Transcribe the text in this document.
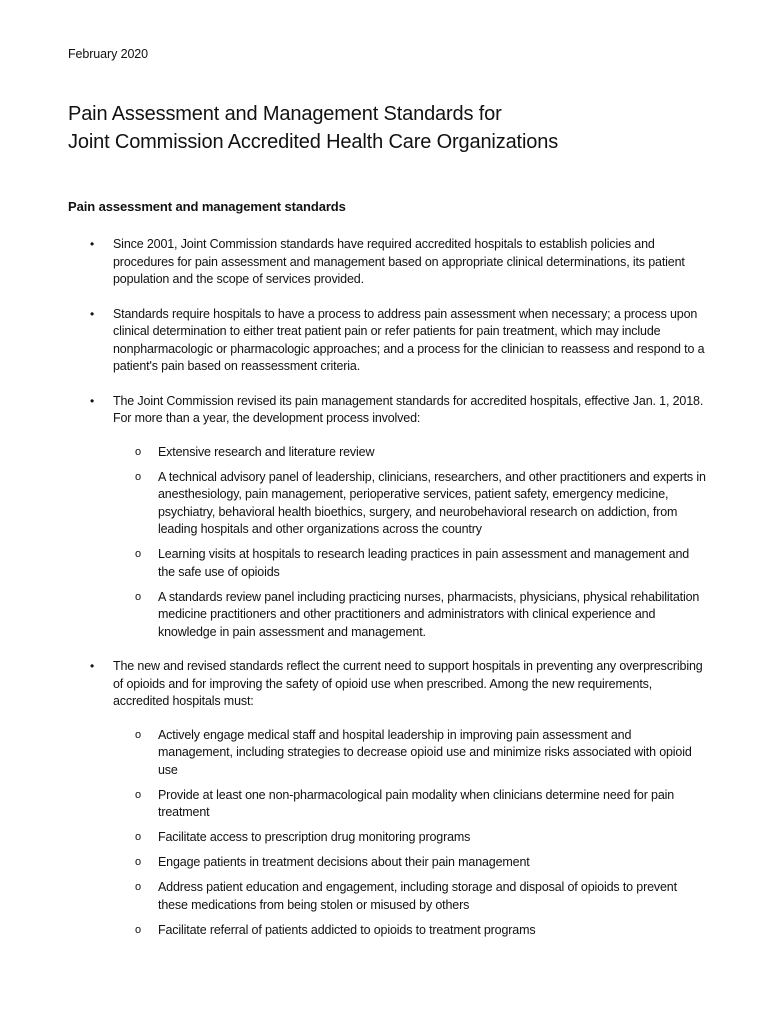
February 2020
Pain Assessment and Management Standards for
Joint Commission Accredited Health Care Organizations
Pain assessment and management standards
•	Since 2001, Joint Commission standards have required accredited hospitals to establish policies and procedures for pain assessment and management based on appropriate clinical determinations, its patient population and the scope of services provided.
•	Standards require hospitals to have a process to address pain assessment when necessary; a process upon clinical determination to either treat patient pain or refer patients for pain treatment, which may include nonpharmacologic or pharmacologic approaches; and a process for the clinician to reassess and respond to a patient's pain based on reassessment criteria.
•	The Joint Commission revised its pain management standards for accredited hospitals, effective Jan. 1, 2018. For more than a year, the development process involved:
o Extensive research and literature review
o A technical advisory panel of leadership, clinicians, researchers, and other practitioners and experts in anesthesiology, pain management, perioperative services, patient safety, emergency medicine, psychiatry, behavioral health bioethics, surgery, and neurobehavioral research on addiction, from leading hospitals and other organizations across the country
o Learning visits at hospitals to research leading practices in pain assessment and management and the safe use of opioids
o A standards review panel including practicing nurses, pharmacists, physicians, physical rehabilitation medicine practitioners and other practitioners and administrators with clinical experience and knowledge in pain assessment and management.
•	The new and revised standards reflect the current need to support hospitals in preventing any overprescribing of opioids and for improving the safety of opioid use when prescribed. Among the new requirements, accredited hospitals must:
o Actively engage medical staff and hospital leadership in improving pain assessment and management, including strategies to decrease opioid use and minimize risks associated with opioid use
o Provide at least one non-pharmacological pain modality when clinicians determine need for pain treatment
o Facilitate access to prescription drug monitoring programs
o Engage patients in treatment decisions about their pain management
o Address patient education and engagement, including storage and disposal of opioids to prevent these medications from being stolen or misused by others
o Facilitate referral of patients addicted to opioids to treatment programs
